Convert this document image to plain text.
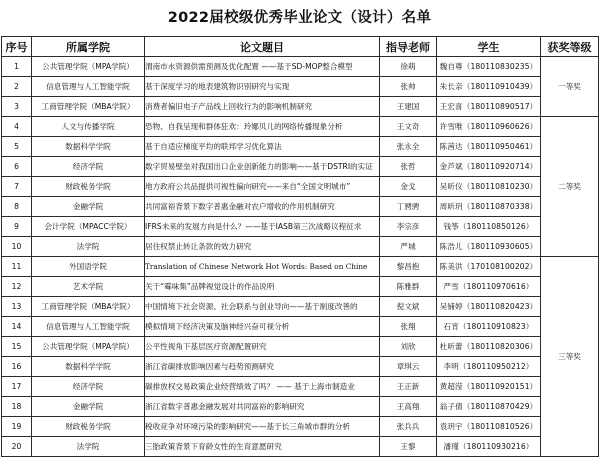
2022届校级优秀毕业论文（设计）名单
序号	所属学院	论文题目	指导老师	学生	获奖等级
1	公共管理学院（MPA学院）	渭南市水资源供需预测及优化配置 ——基于SD-MOP整合模型	徐萌	魏自尊（180110830235）	一等奖
2	信息管理与人工智能学院	基于深度学习的地表建筑物识别研究与实现	张帅	朱长亲（180110910439）	
3	工商管理学院（MBA学院）	消费者偏旧电子产品线上回收行为的影响机制研究	王建国	王宏喜（180110890517）	
4	人文与传播学院	恐物、自我呈现和群体狂欢：玲娜贝儿的网络传播现象分析	王文奇	许雪唯（180110960626）	二等奖
5	数据科学学院	基于自适应梯度平均的联邦学习优化算法	张永全	陈茜达（180110950461）	
6	经济学院	数字贸易壁垒对我国出口企业创新能力的影响——基于DSTRI的实证	张哲	金芦斌（180110920714）	
7	财政税务学院	地方政府公共品提供可视性偏向研究——来自“全国文明城市”	金戈	吴昕仪（180110810230）	
8	金融学院	共同富裕背景下数字普惠金融对农户增收的作用机制研究	丁骋骋	周昕玥（180110870338）	
9	会计学院（MPACC学院）	IFRS未来的发展方向是什么？——基于IASB第三次战略议程征求	李宗彦	钱筝（180110850126）	
10	法学院	居住权禁止转让条款的效力研究	严城	陈浩儿（180110930605）	
11	外国语学院	Translation of Chinese Network Hot Words: Based on Chine	黎昌抱	陈美洪（170108100202）	三等奖
12	艺术学院	关于“霉味集”品牌视觉设计的作品说明	陈雅群	严雪（180110970616）	
13	工商管理学院（MBA学院）	中国情境下社会资源、社会联系与创业导向——基于制度改善的	倪文斌	吴铺婷（180110820423）	
14	信息管理与人工智能学院	模拟情境下经济决策及脑神经兴奋可视分析	张翔	石宵（180110910823）	
15	公共管理学院（MPA学院）	公平性视角下基层医疗资源配置研究	刘欣	杜昕蕾（180110820306）	
16	数据科学学院	浙江省碳排放影响因素与趋势预测研究	章琪云	李明（180110950212）	
17	经济学院	碳排放权交易政策企业经营绩效了吗？ —— 基于上海市制造业	王正新	黄超滢（180110920151）	
18	金融学院	浙江省数字普惠金融发展对共同富裕的影响研究	王高翔	翁子倩（180110870429）	
19	财政税务学院	税收竞争对环境污染的影响研究——基于长三角城市群的分析	张兵兵	袁玥宇（180110810526）	
20	法学院	三胎政策背景下育龄女性的生育意愿研究	王黎	潘瑾（180110930216）	
